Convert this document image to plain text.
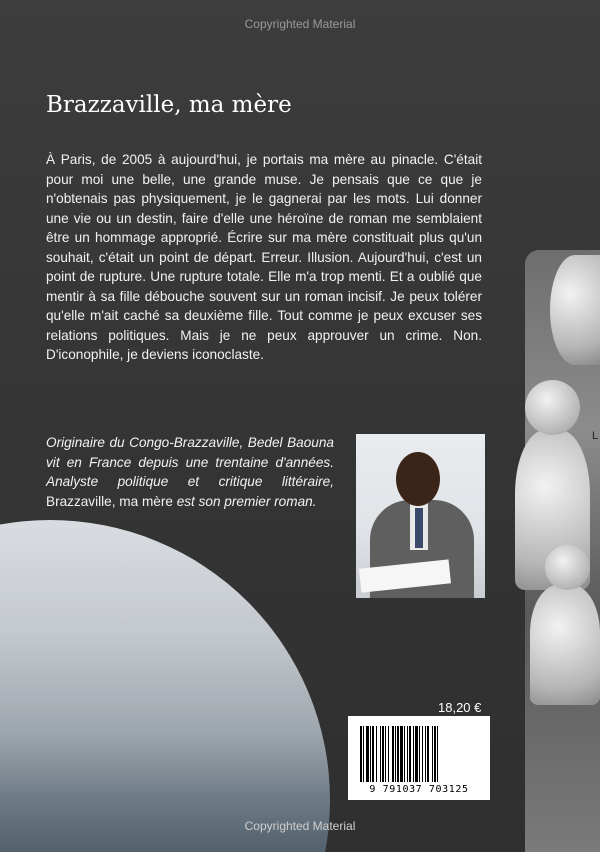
L
Copyrighted Material
Brazzaville, ma mère

À Paris, de 2005 à aujourd'hui, je portais ma mère au pinacle. C'était pour moi une belle, une grande muse. Je pensais que ce que je n'obtenais pas physiquement, je le gagnerai par les mots. Lui donner une vie ou un destin, faire d'elle une héroïne de roman me semblaient être un hommage approprié. Écrire sur ma mère constituait plus qu'un souhait, c'était un point de départ. Erreur. Illusion. Aujourd'hui, c'est un point de rupture. Une rupture totale. Elle m'a trop menti. Et a oublié que mentir à sa fille débouche souvent sur un roman incisif. Je peux tolérer qu'elle m'ait caché sa deuxième fille. Tout comme je peux excuser ses relations politiques. Mais je ne peux approuver un crime. Non. D'iconophile, je deviens iconoclaste.

Originaire du Congo-Brazzaville, Bedel Baouna vit en France depuis une trentaine d'années. Analyste politique et critique littéraire, Brazzaville, ma mère est son premier roman.

18,20 €
9 791037 703125
Copyrighted Material
